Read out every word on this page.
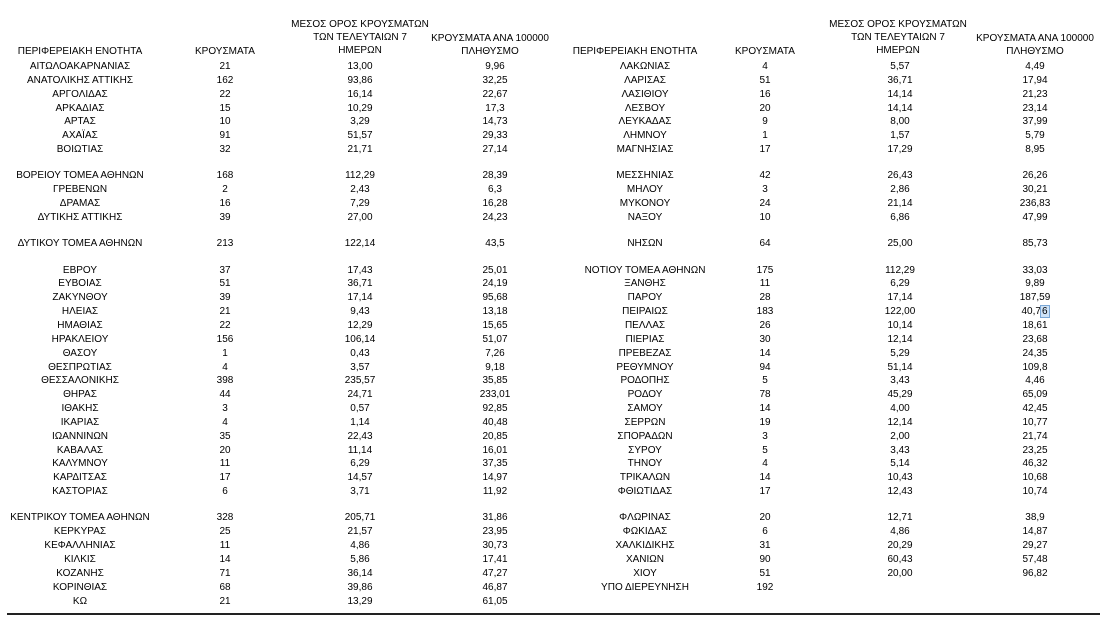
ΠΕΡΙΦΕΡΕΙΑΚΗ ΕΝΟΤΗΤΑ	ΚΡΟΥΣΜΑΤΑ
ΜΕΣΟΣ ΟΡΟΣ ΚΡΟΥΣΜΑΤΩΝ
ΤΩΝ ΤΕΛΕΥΤΑΙΩΝ 7
ΗΜΕΡΩΝ
ΚΡΟΥΣΜΑΤΑ ΑΝΑ 100000
ΠΛΗΘΥΣΜΟ	ΠΕΡΙΦΕΡΕΙΑΚΗ ΕΝΟΤΗΤΑ	ΚΡΟΥΣΜΑΤΑ
ΜΕΣΟΣ ΟΡΟΣ ΚΡΟΥΣΜΑΤΩΝ
ΤΩΝ ΤΕΛΕΥΤΑΙΩΝ 7
ΗΜΕΡΩΝ
ΚΡΟΥΣΜΑΤΑ ΑΝΑ 100000
ΠΛΗΘΥΣΜΟ
ΑΙΤΩΛΟΑΚΑΡΝΑΝΙΑΣ	21	13,00	9,96
ΑΝΑΤΟΛΙΚΗΣ ΑΤΤΙΚΗΣ	162	93,86	32,25
ΑΡΓΟΛΙΔΑΣ	22	16,14	22,67
ΑΡΚΑΔΙΑΣ	15	10,29	17,3
ΑΡΤΑΣ	10	3,29	14,73
ΑΧΑΪΑΣ	91	51,57	29,33
ΒΟΙΩΤΙΑΣ	32	21,71	27,14
ΒΟΡΕΙΟΥ ΤΟΜΕΑ ΑΘΗΝΩΝ	168	112,29	28,39
ΓΡΕΒΕΝΩΝ	2	2,43	6,3
ΔΡΑΜΑΣ	16	7,29	16,28
ΔΥΤΙΚΗΣ ΑΤΤΙΚΗΣ	39	27,00	24,23
ΔΥΤΙΚΟΥ ΤΟΜΕΑ ΑΘΗΝΩΝ	213	122,14	43,5
ΕΒΡΟΥ	37	17,43	25,01
ΕΥΒΟΙΑΣ	51	36,71	24,19
ΖΑΚΥΝΘΟΥ	39	17,14	95,68
ΗΛΕΙΑΣ	21	9,43	13,18
ΗΜΑΘΙΑΣ	22	12,29	15,65
ΗΡΑΚΛΕΙΟΥ	156	106,14	51,07
ΘΑΣΟΥ	1	0,43	7,26
ΘΕΣΠΡΩΤΙΑΣ	4	3,57	9,18
ΘΕΣΣΑΛΟΝΙΚΗΣ	398	235,57	35,85
ΘΗΡΑΣ	44	24,71	233,01
ΙΘΑΚΗΣ	3	0,57	92,85
ΙΚΑΡΙΑΣ	4	1,14	40,48
ΙΩΑΝΝΙΝΩΝ	35	22,43	20,85
ΚΑΒΑΛΑΣ	20	11,14	16,01
ΚΑΛΥΜΝΟΥ	11	6,29	37,35
ΚΑΡΔΙΤΣΑΣ	17	14,57	14,97
ΚΑΣΤΟΡΙΑΣ	6	3,71	11,92
ΚΕΝΤΡΙΚΟΥ ΤΟΜΕΑ ΑΘΗΝΩΝ	328	205,71	31,86
ΚΕΡΚΥΡΑΣ	25	21,57	23,95
ΚΕΦΑΛΛΗΝΙΑΣ	11	4,86	30,73
ΚΙΛΚΙΣ	14	5,86	17,41
ΚΟΖΑΝΗΣ	71	36,14	47,27
ΚΟΡΙΝΘΙΑΣ	68	39,86	46,87
ΚΩ	21	13,29	61,05
ΛΑΚΩΝΙΑΣ	4	5,57	4,49
ΛΑΡΙΣΑΣ	51	36,71	17,94
ΛΑΣΙΘΙΟΥ	16	14,14	21,23
ΛΕΣΒΟΥ	20	14,14	23,14
ΛΕΥΚΑΔΑΣ	9	8,00	37,99
ΛΗΜΝΟΥ	1	1,57	5,79
ΜΑΓΝΗΣΙΑΣ	17	17,29	8,95
ΜΕΣΣΗΝΙΑΣ	42	26,43	26,26
ΜΗΛΟΥ	3	2,86	30,21
ΜΥΚΟΝΟΥ	24	21,14	236,83
ΝΑΞΟΥ	10	6,86	47,99
ΝΗΣΩΝ	64	25,00	85,73
ΝΟΤΙΟΥ ΤΟΜΕΑ ΑΘΗΝΩΝ	175	112,29	33,03
ΞΑΝΘΗΣ	11	6,29	9,89
ΠΑΡΟΥ	28	17,14	187,59
ΠΕΙΡΑΙΩΣ	183	122,00	40,76
ΠΕΛΛΑΣ	26	10,14	18,61
ΠΙΕΡΙΑΣ	30	12,14	23,68
ΠΡΕΒΕΖΑΣ	14	5,29	24,35
ΡΕΘΥΜΝΟΥ	94	51,14	109,8
ΡΟΔΟΠΗΣ	5	3,43	4,46
ΡΟΔΟΥ	78	45,29	65,09
ΣΑΜΟΥ	14	4,00	42,45
ΣΕΡΡΩΝ	19	12,14	10,77
ΣΠΟΡΑΔΩΝ	3	2,00	21,74
ΣΥΡΟΥ	5	3,43	23,25
ΤΗΝΟΥ	4	5,14	46,32
ΤΡΙΚΑΛΩΝ	14	10,43	10,68
ΦΘΙΩΤΙΔΑΣ	17	12,43	10,74
ΦΛΩΡΙΝΑΣ	20	12,71	38,9
ΦΩΚΙΔΑΣ	6	4,86	14,87
ΧΑΛΚΙΔΙΚΗΣ	31	20,29	29,27
ΧΑΝΙΩΝ	90	60,43	57,48
ΧΙΟΥ	51	20,00	96,82
ΥΠΟ ΔΙΕΡΕΥΝΗΣΗ	192
